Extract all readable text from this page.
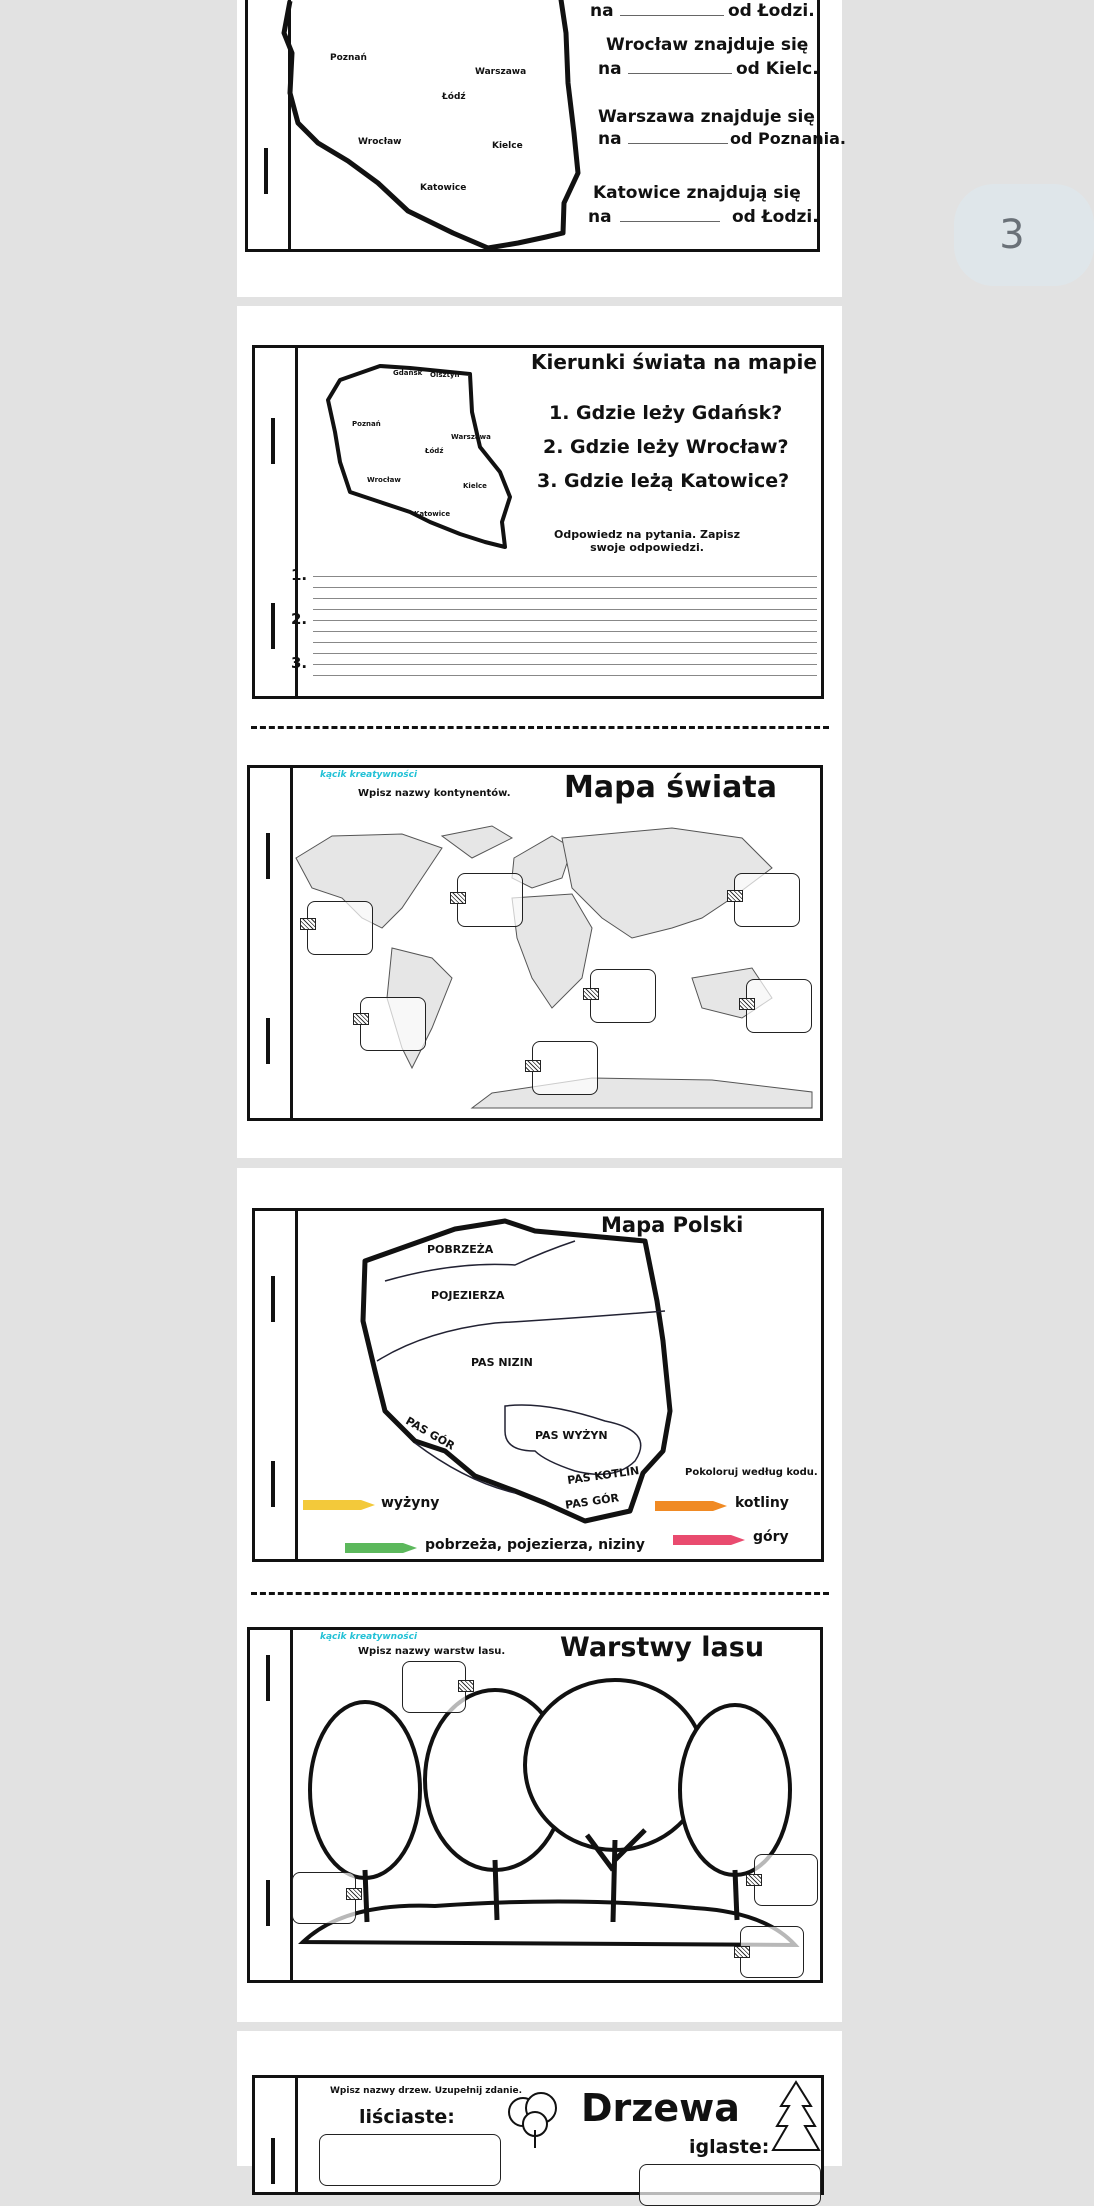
Poznań
Warszawa
Łódź
Wrocław	Kielce
Katowice
na	od Łodzi.
Wrocław znajduje się
na	od Kielc.
Warszawa znajduje się
na	od Poznania.
Katowice znajdują się
na	od Łodzi.	3
Gdańsk Olsztyn
Poznań
Warszawa
Łódź
Wrocław
Kielce
Katowice
Kierunki świata na mapie
1. Gdzie leży Gdańsk?
2. Gdzie leży Wrocław?
3. Gdzie leżą Katowice?
Odpowiedz na pytania. Zapisz swoje odpowiedzi.
1.
2.
3.
kącik kreatywności
Wpisz nazwy kontynentów. Mapa świata
Mapa Polski
POBRZEŻA
POJEZIERZA
PAS NIZIN
PAS WYŻYN
PAS GÓR
PAS KOTLIN
PAS GÓR
Pokoloruj według kodu.
wyżyny	kotliny
pobrzeża, pojezierza, niziny	góry
kącik kreatywności
Wpisz nazwy warstw lasu. Warstwy lasu
Wpisz nazwy drzew. Uzupełnij zdanie.
liściaste:	Drzewa
iglaste:
